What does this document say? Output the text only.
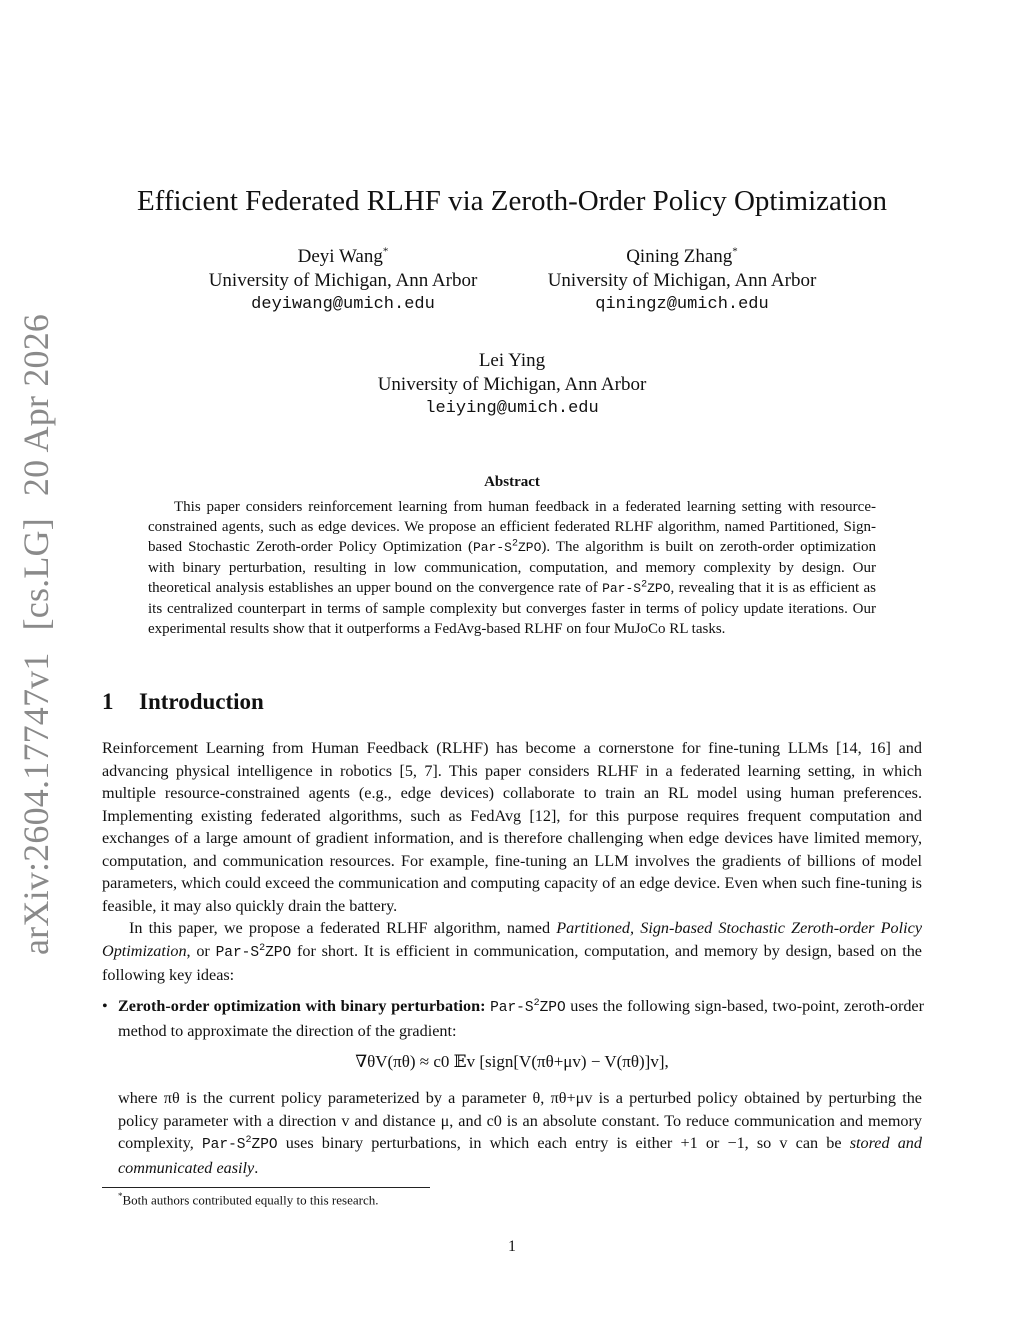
arXiv:2604.17747v1[cs.LG]20 Apr 2026
Efficient Federated RLHF via Zeroth-Order Policy Optimization
Deyi Wang*
University of Michigan, Ann Arbor
deyiwang@umich.edu
Qining Zhang*
University of Michigan, Ann Arbor
qiningz@umich.edu
Lei Ying
University of Michigan, Ann Arbor
leiying@umich.edu
Abstract
This paper considers reinforcement learning from human feedback in a federated learning setting with resource-constrained agents, such as edge devices. We propose an efficient federated RLHF algorithm, named Partitioned, Sign-based Stochastic Zeroth-order Policy Optimization $(Par-S^2ZPO)$. The algorithm is built on zeroth-order optimization with binary perturbation, resulting in low communication, computation, and memory complexity by design. Our theoretical analysis establishes an upper bound on the convergence rate of Par-$S^2ZPO$, revealing that it is as efficient as its centralized counterpart in terms of sample complexity but converges faster in terms of policy update iterations. Our experimental results show that it outperforms a FedAvg-based RLHF on four MuJoCo RL tasks.
1 Introduction
Reinforcement Learning from Human Feedback (RLHF) has become a cornerstone for fine-tuning LLMs [14, 16] and advancing physical intelligence in robotics [5, 7]. This paper considers RLHF in a federated learning setting, in which multiple resource-constrained agents (e.g., edge devices) collaborate to train an RL model using human preferences. Implementing existing federated algorithms, such as FedAvg [12], for this purpose requires frequent computation and exchanges of a large amount of gradient information, and is therefore challenging when edge devices have limited memory, computation, and communication resources. For example, fine-tuning an LLM involves the gradients of billions of model parameters, which could exceed the communication and computing capacity of an edge device. Even when such fine-tuning is feasible, it may also quickly drain the battery.
In this paper, we propose a federated RLHF algorithm, named Partitioned, Sign-based Stochastic Zeroth-order Policy Optimization, or Par-$S^2ZPO$ for short. It is efficient in communication, computation, and memory by design, based on the following key ideas:
• Zeroth-order optimization with binary perturbation: Par-$S^2ZPO$ uses the following sign-based, two-point, zeroth-order method to approximate the direction of the gradient:
∇θV(πθ) ≈ c0 𝔼v [sign[V(πθ+μv) − V(πθ)]v],
where πθ is the current policy parameterized by a parameter θ, πθ+μv is a perturbed policy obtained by perturbing the policy parameter with a direction v and distance μ, and c0 is an absolute constant. To reduce communication and memory complexity, Par-$S^2ZPO$ uses binary perturbations, in which each entry is either +1 or −1, so v can be stored and communicated easily.
*Both authors contributed equally to this research.
1
